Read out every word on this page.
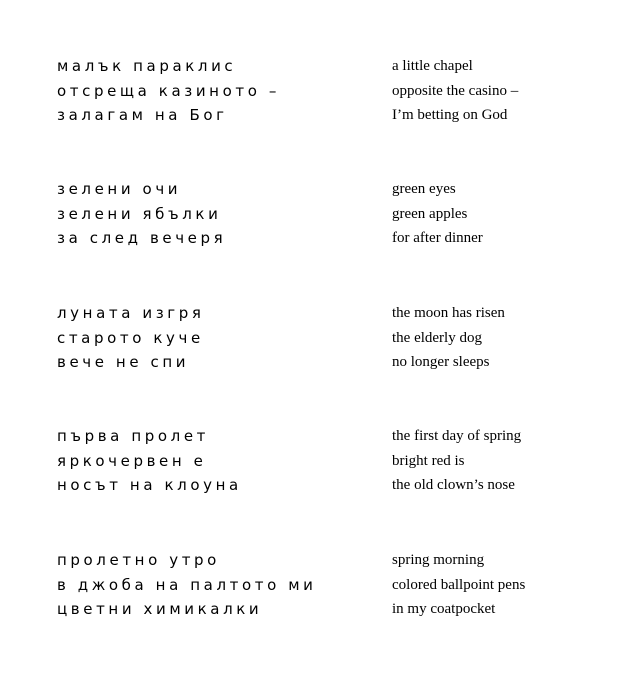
малък параклис
отсреща казиното –
залагам на Бог
a little chapel
opposite the casino –
I’m betting on God
зелени очи
зелени ябълки
за след вечеря
green eyes
green apples
for after dinner
луната изгря
старото куче
вече не спи
the moon has risen
the elderly dog
no longer sleeps
първа пролет
яркочервен е
носът на клоуна
the first day of spring
bright red is
the old clown’s nose
пролетно утро
в джоба на палтото ми
цветни химикалки
spring morning
colored ballpoint pens
in my coatpocket
